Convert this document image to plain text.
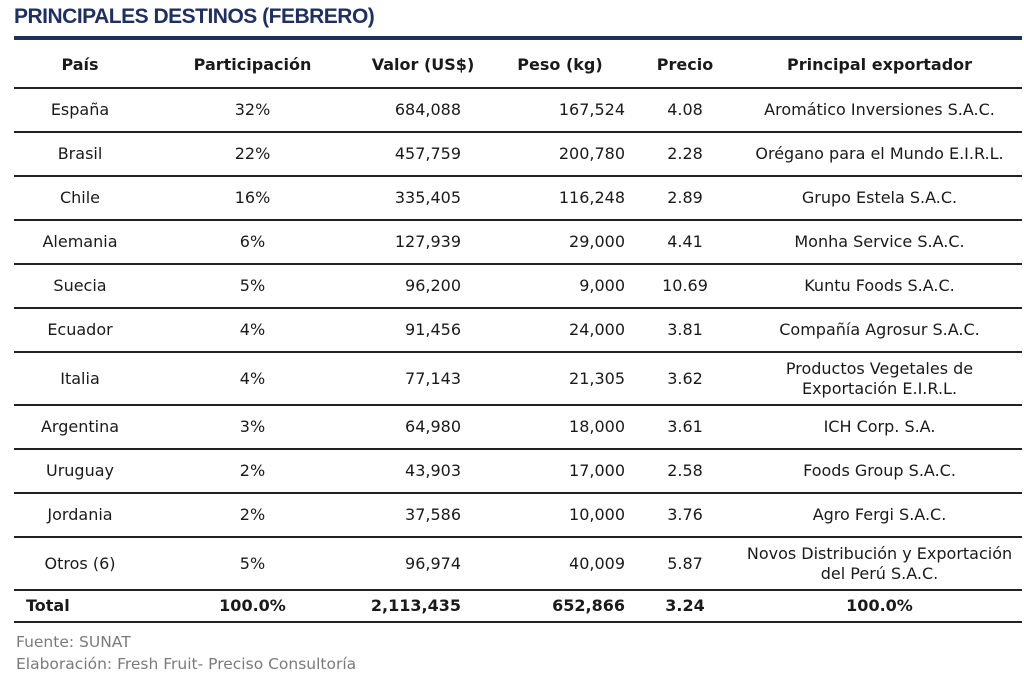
PRINCIPALES DESTINOS (FEBRERO)
País	Participación	Valor (US$)	Peso (kg)	Precio	Principal exportador
España	32%	684,088	167,524	4.08	Aromático Inversiones S.A.C.
Brasil	22%	457,759	200,780	2.28	Orégano para el Mundo E.I.R.L.
Chile	16%	335,405	116,248	2.89	Grupo Estela S.A.C.
Alemania	6%	127,939	29,000	4.41	Monha Service S.A.C.
Suecia	5%	96,200	9,000	10.69	Kuntu Foods S.A.C.
Ecuador	4%	91,456	24,000	3.81	Compañía Agrosur S.A.C.
Italia	4%	77,143	21,305	3.62	Productos Vegetales de Exportación E.I.R.L.
Argentina	3%	64,980	18,000	3.61	ICH Corp. S.A.
Uruguay	2%	43,903	17,000	2.58	Foods Group S.A.C.
Jordania	2%	37,586	10,000	3.76	Agro Fergi S.A.C.
Otros (6)	5%	96,974	40,009	5.87	Novos Distribución y Exportación del Perú S.A.C.
Total	100.0%	2,113,435	652,866	3.24	100.0%
Fuente: SUNAT
Elaboración: Fresh Fruit- Preciso Consultoría
